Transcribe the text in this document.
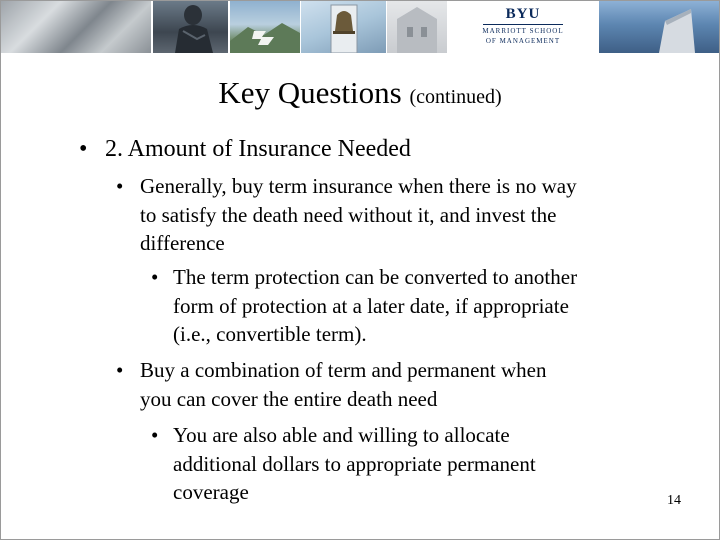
BYU
MARRIOTT SCHOOL
OF MANAGEMENT
Key Questions (continued)
• 2. Amount of Insurance Needed
• Generally, buy term insurance when there is no way
to satisfy the death need without it, and invest the
difference
• The term protection can be converted to another
form of protection at a later date, if appropriate
(i.e., convertible term).
• Buy a combination of term and permanent when
you can cover the entire death need
• You are also able and willing to allocate
additional dollars to appropriate permanent
coverage	14
